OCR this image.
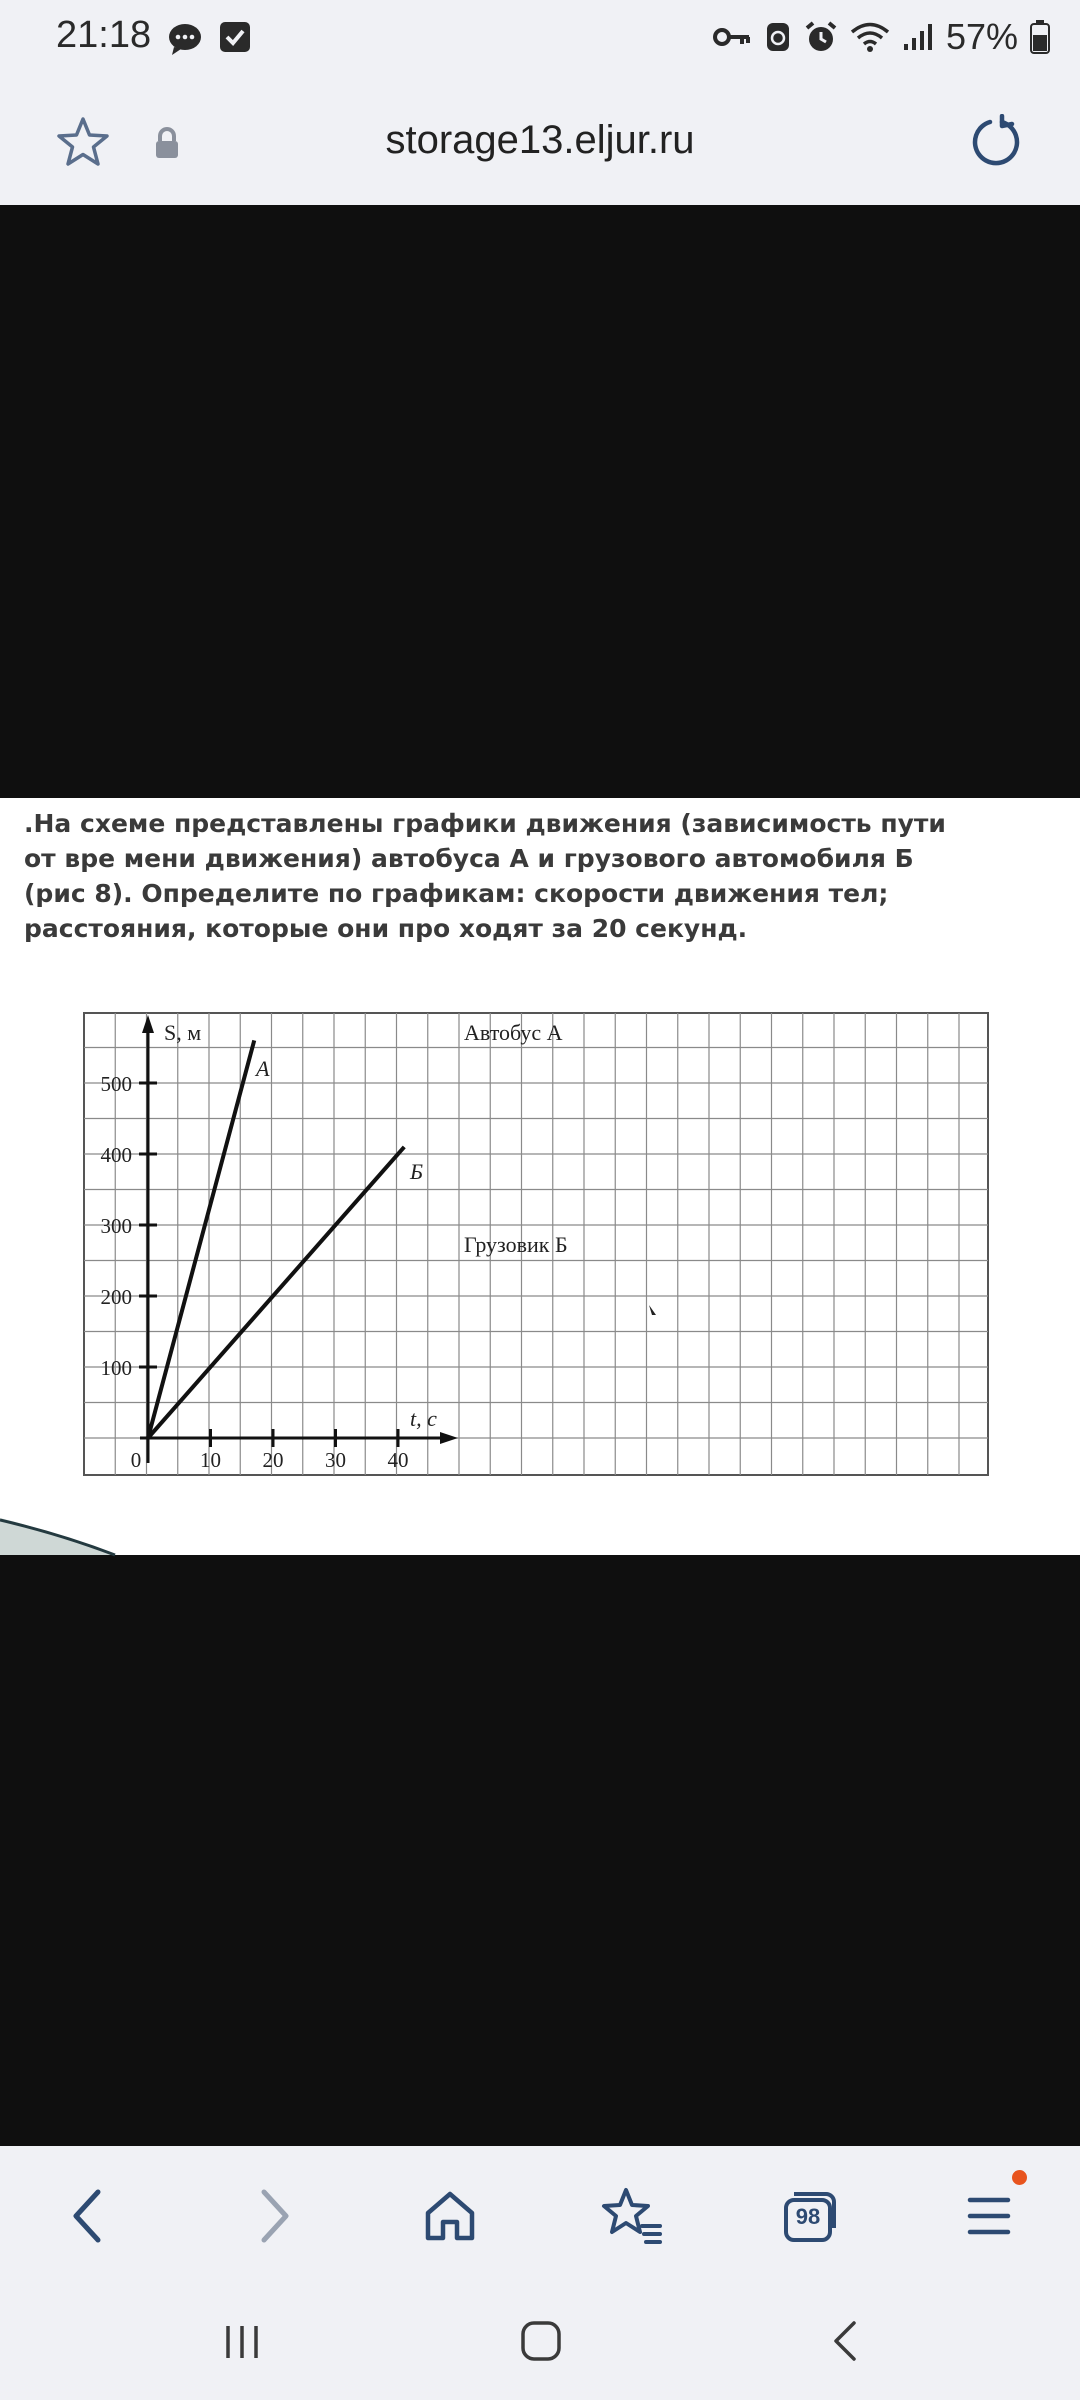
21:18	57%
storage13.eljur.ru
.На схеме представлены графики движения (зависимость пути
от вре мени движения) автобуса А и грузового автомобиля Б
(рис 8). Определите по графикам: скорости движения тел;
расстояния, которые они про ходят за 20 секунд.
100
200
300
400
500
0	10 20 30 40
S, м
t, с
A
Б
Автобус А
Грузовик Б
98
